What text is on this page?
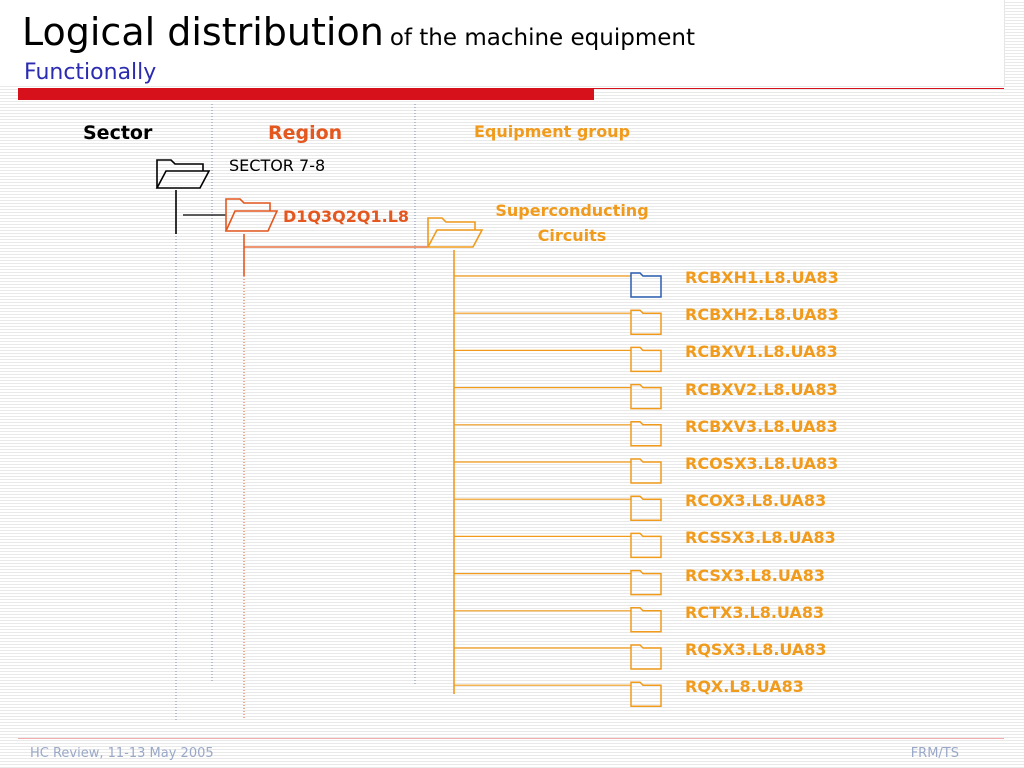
Logical distribution of the machine equipment
Functionally
Sector	Region	Equipment group
SECTOR 7-8
D1Q3Q2Q1.L8	Superconducting
Circuits
RCBXH1.L8.UA83
RCBXH2.L8.UA83
RCBXV1.L8.UA83
RCBXV2.L8.UA83
RCBXV3.L8.UA83
RCOSX3.L8.UA83
RCOX3.L8.UA83
RCSSX3.L8.UA83
RCSX3.L8.UA83
RCTX3.L8.UA83
RQSX3.L8.UA83
RQX.L8.UA83
HC Review, 11-13 May 2005	FRM/TS
